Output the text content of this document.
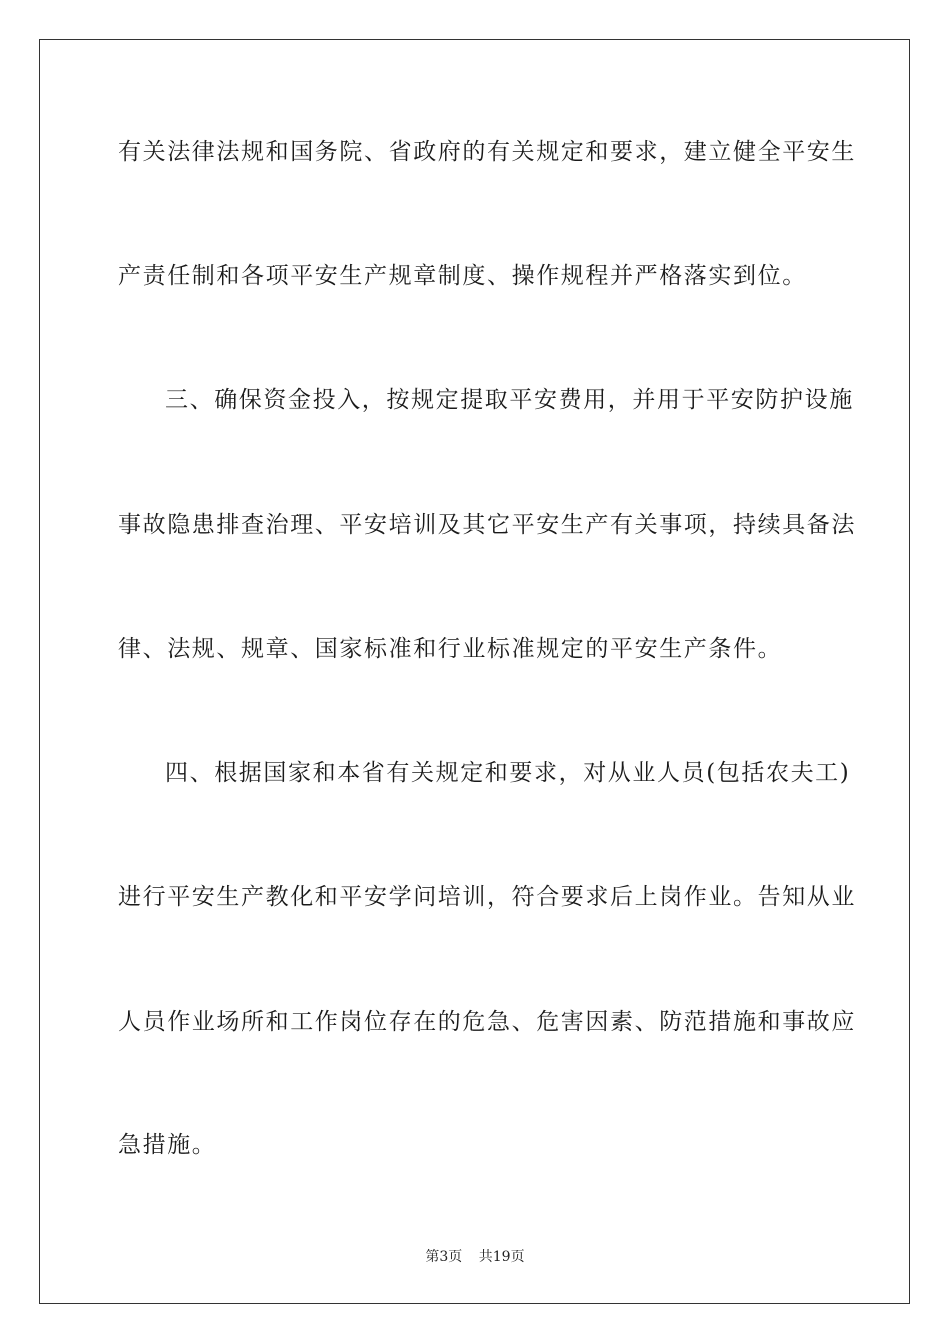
有关法律法规和国务院、省政府的有关规定和要求，建立健全平安生
产责任制和各项平安生产规章制度、操作规程并严格落实到位。
三、确保资金投入，按规定提取平安费用，并用于平安防护设施
事故隐患排查治理、平安培训及其它平安生产有关事项，持续具备法
律、法规、规章、国家标准和行业标准规定的平安生产条件。
四、根据国家和本省有关规定和要求，对从业人员(包括农夫工)
进行平安生产教化和平安学问培训，符合要求后上岗作业。告知从业
人员作业场所和工作岗位存在的危急、危害因素、防范措施和事故应
急措施。
第3页 共19页
